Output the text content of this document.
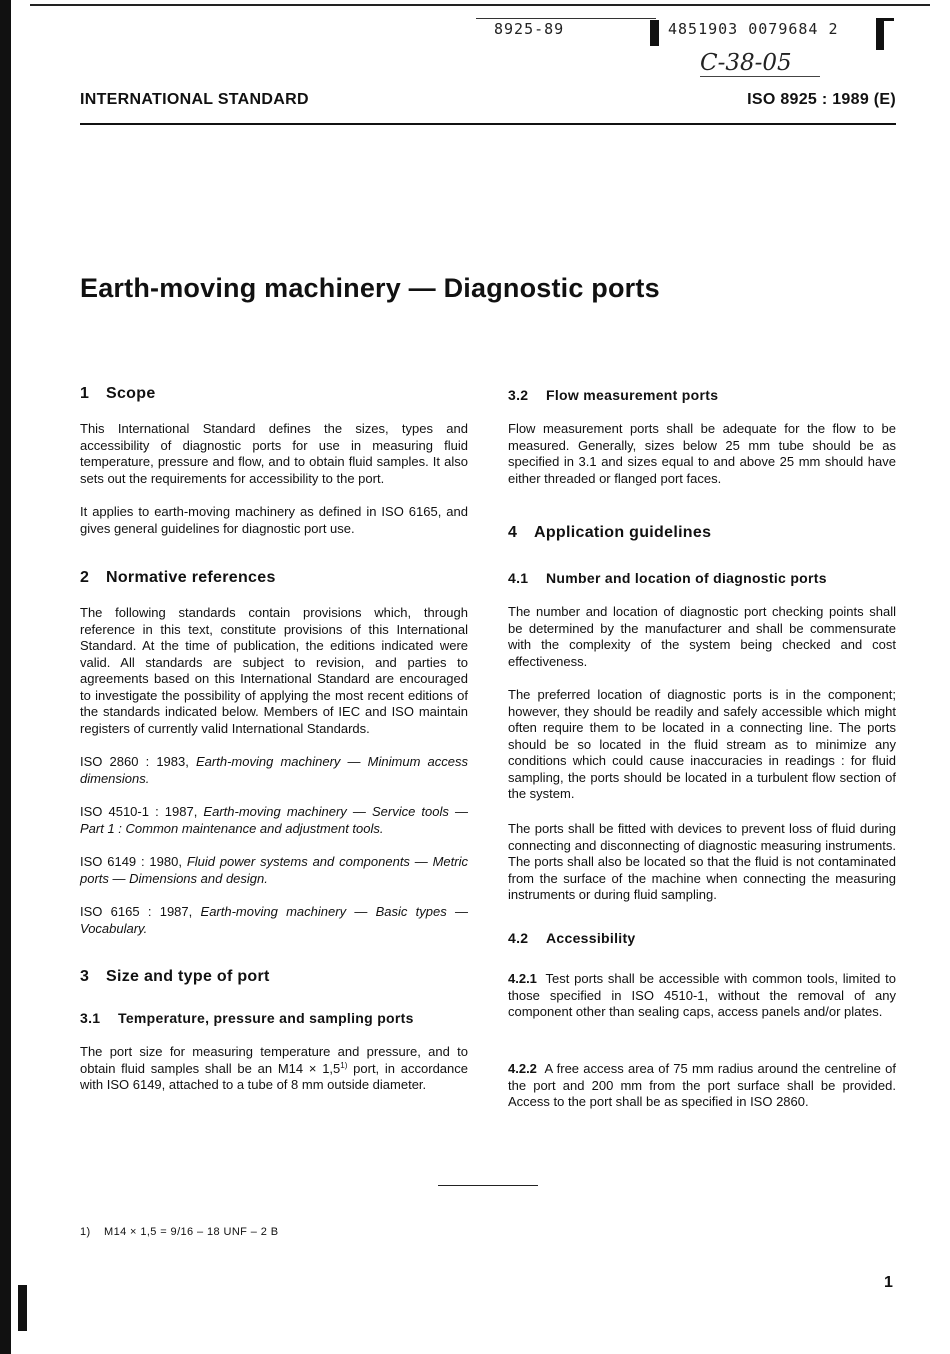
8925-89	4851903 0079684 2
C-38-05
INTERNATIONAL STANDARD	ISO 8925 : 1989 (E)
Earth-moving machinery — Diagnostic ports
1 Scope

This International Standard defines the sizes, types and accessibility of diagnostic ports for use in measuring fluid temperature, pressure and flow, and to obtain fluid samples. It also sets out the requirements for accessibility to the port.

It applies to earth-moving machinery as defined in ISO 6165, and gives general guidelines for diagnostic port use.

2 Normative references

The following standards contain provisions which, through reference in this text, constitute provisions of this International Standard. At the time of publication, the editions indicated were valid. All standards are subject to revision, and parties to agreements based on this International Standard are encouraged to investigate the possibility of applying the most recent editions of the standards indicated below. Members of IEC and ISO maintain registers of currently valid International Standards.

ISO 2860 : 1983, Earth-moving machinery — Minimum access dimensions.

ISO 4510-1 : 1987, Earth-moving machinery — Service tools — Part 1 : Common maintenance and adjustment tools.

ISO 6149 : 1980, Fluid power systems and components — Metric ports — Dimensions and design.

ISO 6165 : 1987, Earth-moving machinery — Basic types — Vocabulary.

3 Size and type of port
3.1 Temperature, pressure and sampling ports

The port size for measuring temperature and pressure, and to obtain fluid samples shall be an $M14 \times 1,5^{1)}$ port, in accordance with ISO 6149, attached to a tube of 8 mm outside diameter.

3.2 Flow measurement ports

Flow measurement ports shall be adequate for the flow to be measured. Generally, sizes below 25 mm tube should be as specified in 3.1 and sizes equal to and above 25 mm should have either threaded or flanged port faces.

4 Application guidelines
4.1 Number and location of diagnostic ports

The number and location of diagnostic port checking points shall be determined by the manufacturer and shall be commensurate with the complexity of the system being checked and cost effectiveness.

The preferred location of diagnostic ports is in the component; however, they should be readily and safely accessible which might often require them to be located in a connecting line. The ports should be so located in the fluid stream as to minimize any conditions which could cause inaccuracies in readings : for fluid sampling, the ports should be located in a turbulent flow section of the system.

The ports shall be fitted with devices to prevent loss of fluid during connecting and disconnecting of diagnostic measuring instruments. The ports shall also be located so that the fluid is not contaminated from the surface of the machine when connecting the measuring instruments or during fluid sampling.

4.2 Accessibility

4.2.1 Test ports shall be accessible with common tools, limited to those specified in ISO 4510-1, without the removal of any component other than sealing caps, access panels and/or plates.

4.2.2 A free access area of 75 mm radius around the centreline of the port and 200 mm from the port surface shall be provided. Access to the port shall be as specified in ISO 2860.

1) M14 × 1,5 = 9/16 – 18 UNF – 2 B
1
